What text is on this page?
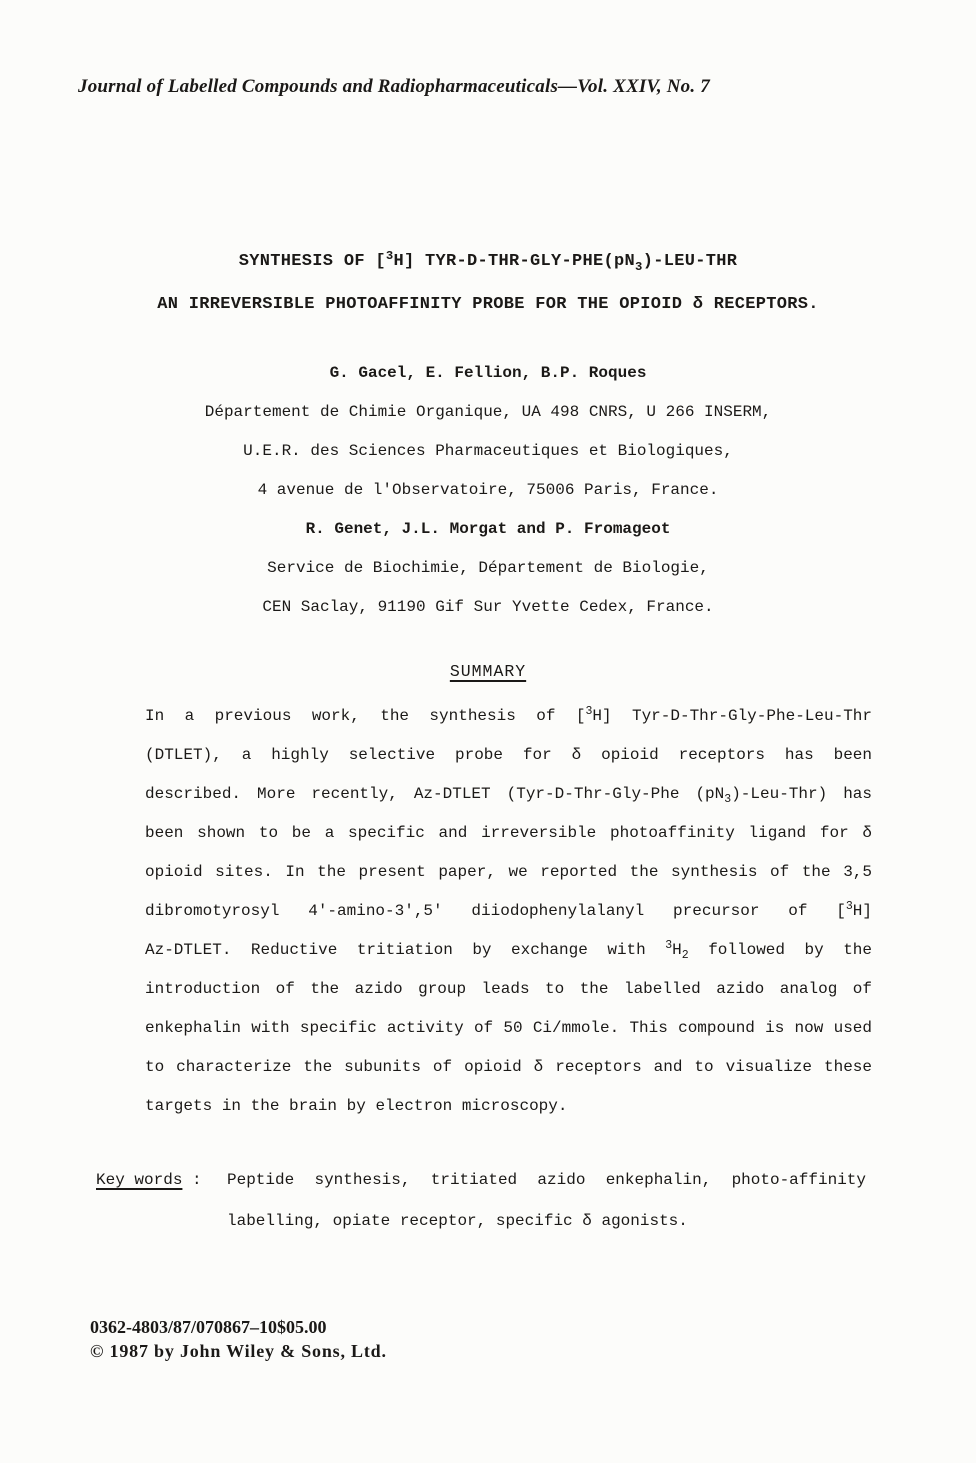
Journal of Labelled Compounds and Radiopharmaceuticals—Vol. XXIV, No. 7
SYNTHESIS OF [$^3$H] TYR-$D-THR-GLY-PHE(pN_3)-LEU$-THR
AN IRREVERSIBLE PHOTOAFFINITY PROBE FOR THE OPIOID δ RECEPTORS.
G. Gacel, E. Fellion, B.P. Roques
Département de Chimie Organique, UA 498 CNRS, U 266 INSERM,
U.E.R. des Sciences Pharmaceutiques et Biologiques,
4 avenue de l'Observatoire, 75006 Paris, France.
R. Genet, J.L. Morgat and P. Fromageot
Service de Biochimie, Département de Biologie,
CEN Saclay, 91190 Gif Sur Yvette Cedex, France.
SUMMARY
In a previous work, the synthesis of [$^3$H] Tyr-D-Thr-Gly-Phe-Leu-Thr
(DTLET), a highly selective probe for δ opioid receptors has been
described. More recently, Az-DTLET (Tyr-D-Thr-Gly-Phe $(pN_3)-Leu-Thr$) has
been shown to be a specific and irreversible photoaffinity ligand for δ
opioid sites. In the present paper, we reported the synthesis of the 3,5
dibromotyrosyl 4'-amino-3',5' diiodophenylalanyl precursor of [$^3$H]
Az-DTLET. Reductive tritiation by exchange with $^3H_2$ followed by the
introduction of the azido group leads to the labelled azido analog of
enkephalin with specific activity of 50 Ci/mmole. This compound is now used
to characterize the subunits of opioid δ receptors and to visualize these
targets in the brain by electron microscopy.
Key words :	Peptide synthesis, tritiated azido enkephalin, photo-affinity
labelling, opiate receptor, specific δ agonists.
0362-4803/87/070867–10$05.00
© 1987 by John Wiley & Sons, Ltd.
